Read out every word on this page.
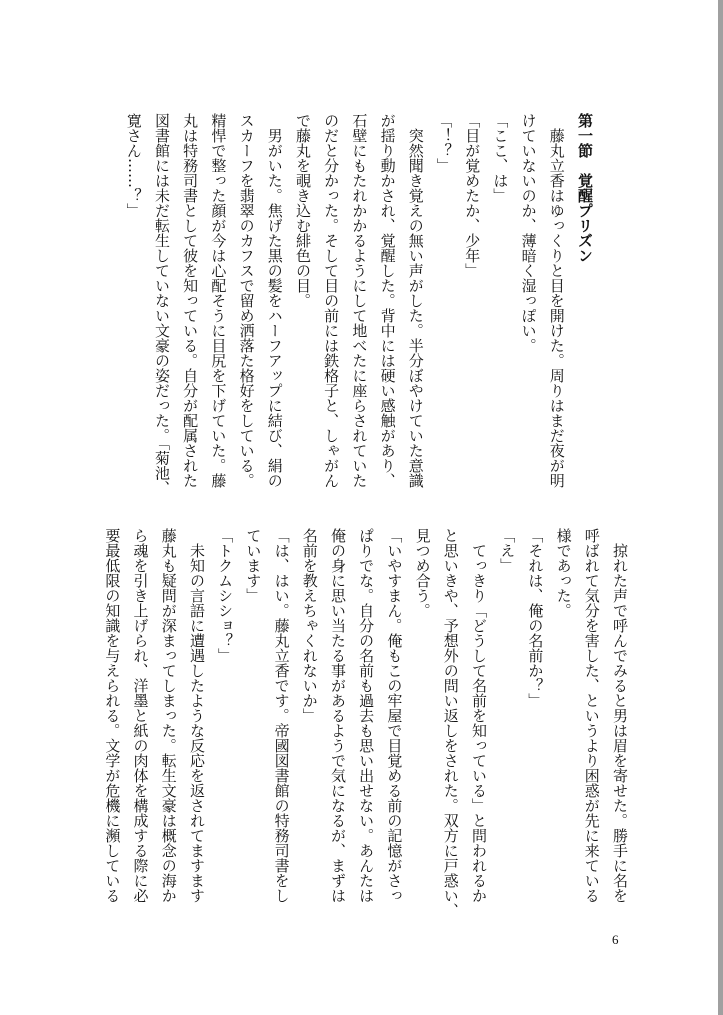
第一節　覚醒プリズン
　藤丸立香はゆっくりと目を開けた。周りはまだ夜が明
けていないのか、薄暗く湿っぽい。
「ここ、は」
「目が覚めたか、少年」
「！？」
　突然聞き覚えの無い声がした。半分ぼやけていた意識
が揺り動かされ、覚醒した。背中には硬い感触があり、
石壁にもたれかかるようにして地べたに座らされていた
のだと分かった。そして目の前には鉄格子と、しゃがん
で藤丸を覗き込む緋色の目。
　男がいた。焦げた黒の髪をハーフアップに結び、絹の
スカーフを翡翠のカフスで留め洒落た格好をしている。
精悍で整った顔が今は心配そうに目尻を下げていた。藤
丸は特務司書として彼を知っている。自分が配属された
図書館には未だ転生していない文豪の姿だった。「菊池、
寛さん……？」
　掠れた声で呼んでみると男は眉を寄せた。勝手に名を
呼ばれて気分を害した、というより困惑が先に来ている
様であった。
「それは、俺の名前か？」
「え」
　てっきり「どうして名前を知っている」と問われるか
と思いきや、予想外の問い返しをされた。双方に戸惑い、
見つめ合う。
「いやすまん。俺もこの牢屋で目覚める前の記憶がさっ
ぱりでな。自分の名前も過去も思い出せない。あんたは
俺の身に思い当たる事があるようで気になるが、まずは
名前を教えちゃくれないか」
「は、はい。藤丸立香です。帝國図書館の特務司書をし
ています」
「トクムシショ？」
　未知の言語に遭遇したような反応を返されてますます
藤丸も疑問が深まってしまった。転生文豪は概念の海か
ら魂を引き上げられ、洋墨と紙の肉体を構成する際に必
要最低限の知識を与えられる。文学が危機に瀕している
6
